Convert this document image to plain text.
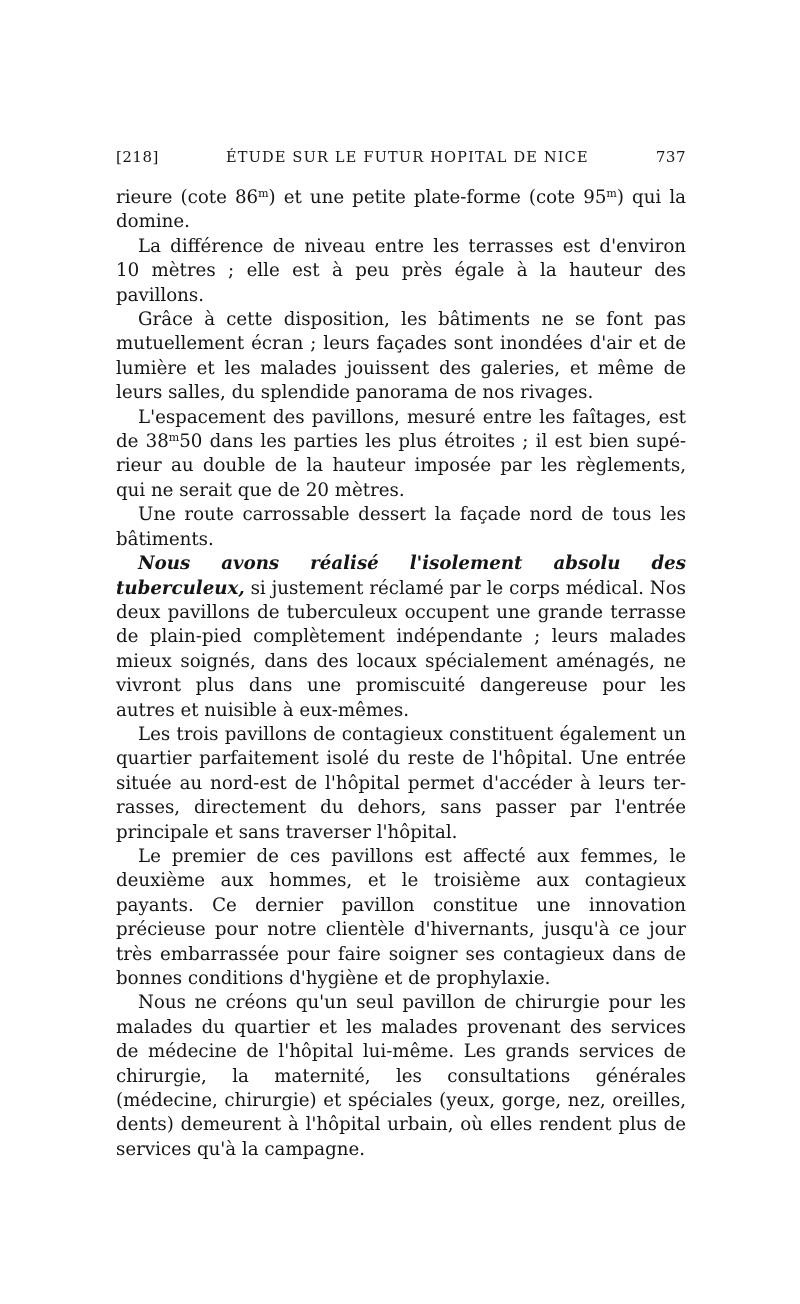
[218]	ÉTUDE SUR LE FUTUR HOPITAL DE NICE	737

rieure (cote 86$^m$) et une petite plate-forme (cote 95$^m$) qui la domine.

La différence de niveau entre les terrasses est d'environ 10 mètres ; elle est à peu près égale à la hauteur des pavillons.

Grâce à cette disposition, les bâtiments ne se font pas mutuellement écran ; leurs façades sont inondées d'air et de lumière et les malades jouissent des galeries, et même de leurs salles, du splendide panorama de nos rivages.

L'espacement des pavillons, mesuré entre les faîtages, est de 38$^m$50 dans les parties les plus étroites ; il est bien supérieur au double de la hauteur imposée par les règlements, qui ne serait que de 20 mètres.

Une route carrossable dessert la façade nord de tous les bâtiments.

Nous avons réalisé l'isolement absolu des tuberculeux, si justement réclamé par le corps médical. Nos deux pavillons de tuberculeux occupent une grande terrasse de plain-pied complètement indépendante ; leurs malades mieux soignés, dans des locaux spécialement aménagés, ne vivront plus dans une promiscuité dangereuse pour les autres et nuisible à eux-mêmes.

Les trois pavillons de contagieux constituent également un quartier parfaitement isolé du reste de l'hôpital. Une entrée située au nord-est de l'hôpital permet d'accéder à leurs terrasses, directement du dehors, sans passer par l'entrée principale et sans traverser l'hôpital.

Le premier de ces pavillons est affecté aux femmes, le deuxième aux hommes, et le troisième aux contagieux payants. Ce dernier pavillon constitue une innovation précieuse pour notre clientèle d'hivernants, jusqu'à ce jour très embarrassée pour faire soigner ses contagieux dans de bonnes conditions d'hygiène et de prophylaxie.

Nous ne créons qu'un seul pavillon de chirurgie pour les malades du quartier et les malades provenant des services de médecine de l'hôpital lui-même. Les grands services de chirurgie, la maternité, les consultations générales (médecine, chirurgie) et spéciales (yeux, gorge, nez, oreilles, dents) demeurent à l'hôpital urbain, où elles rendent plus de services qu'à la campagne.
